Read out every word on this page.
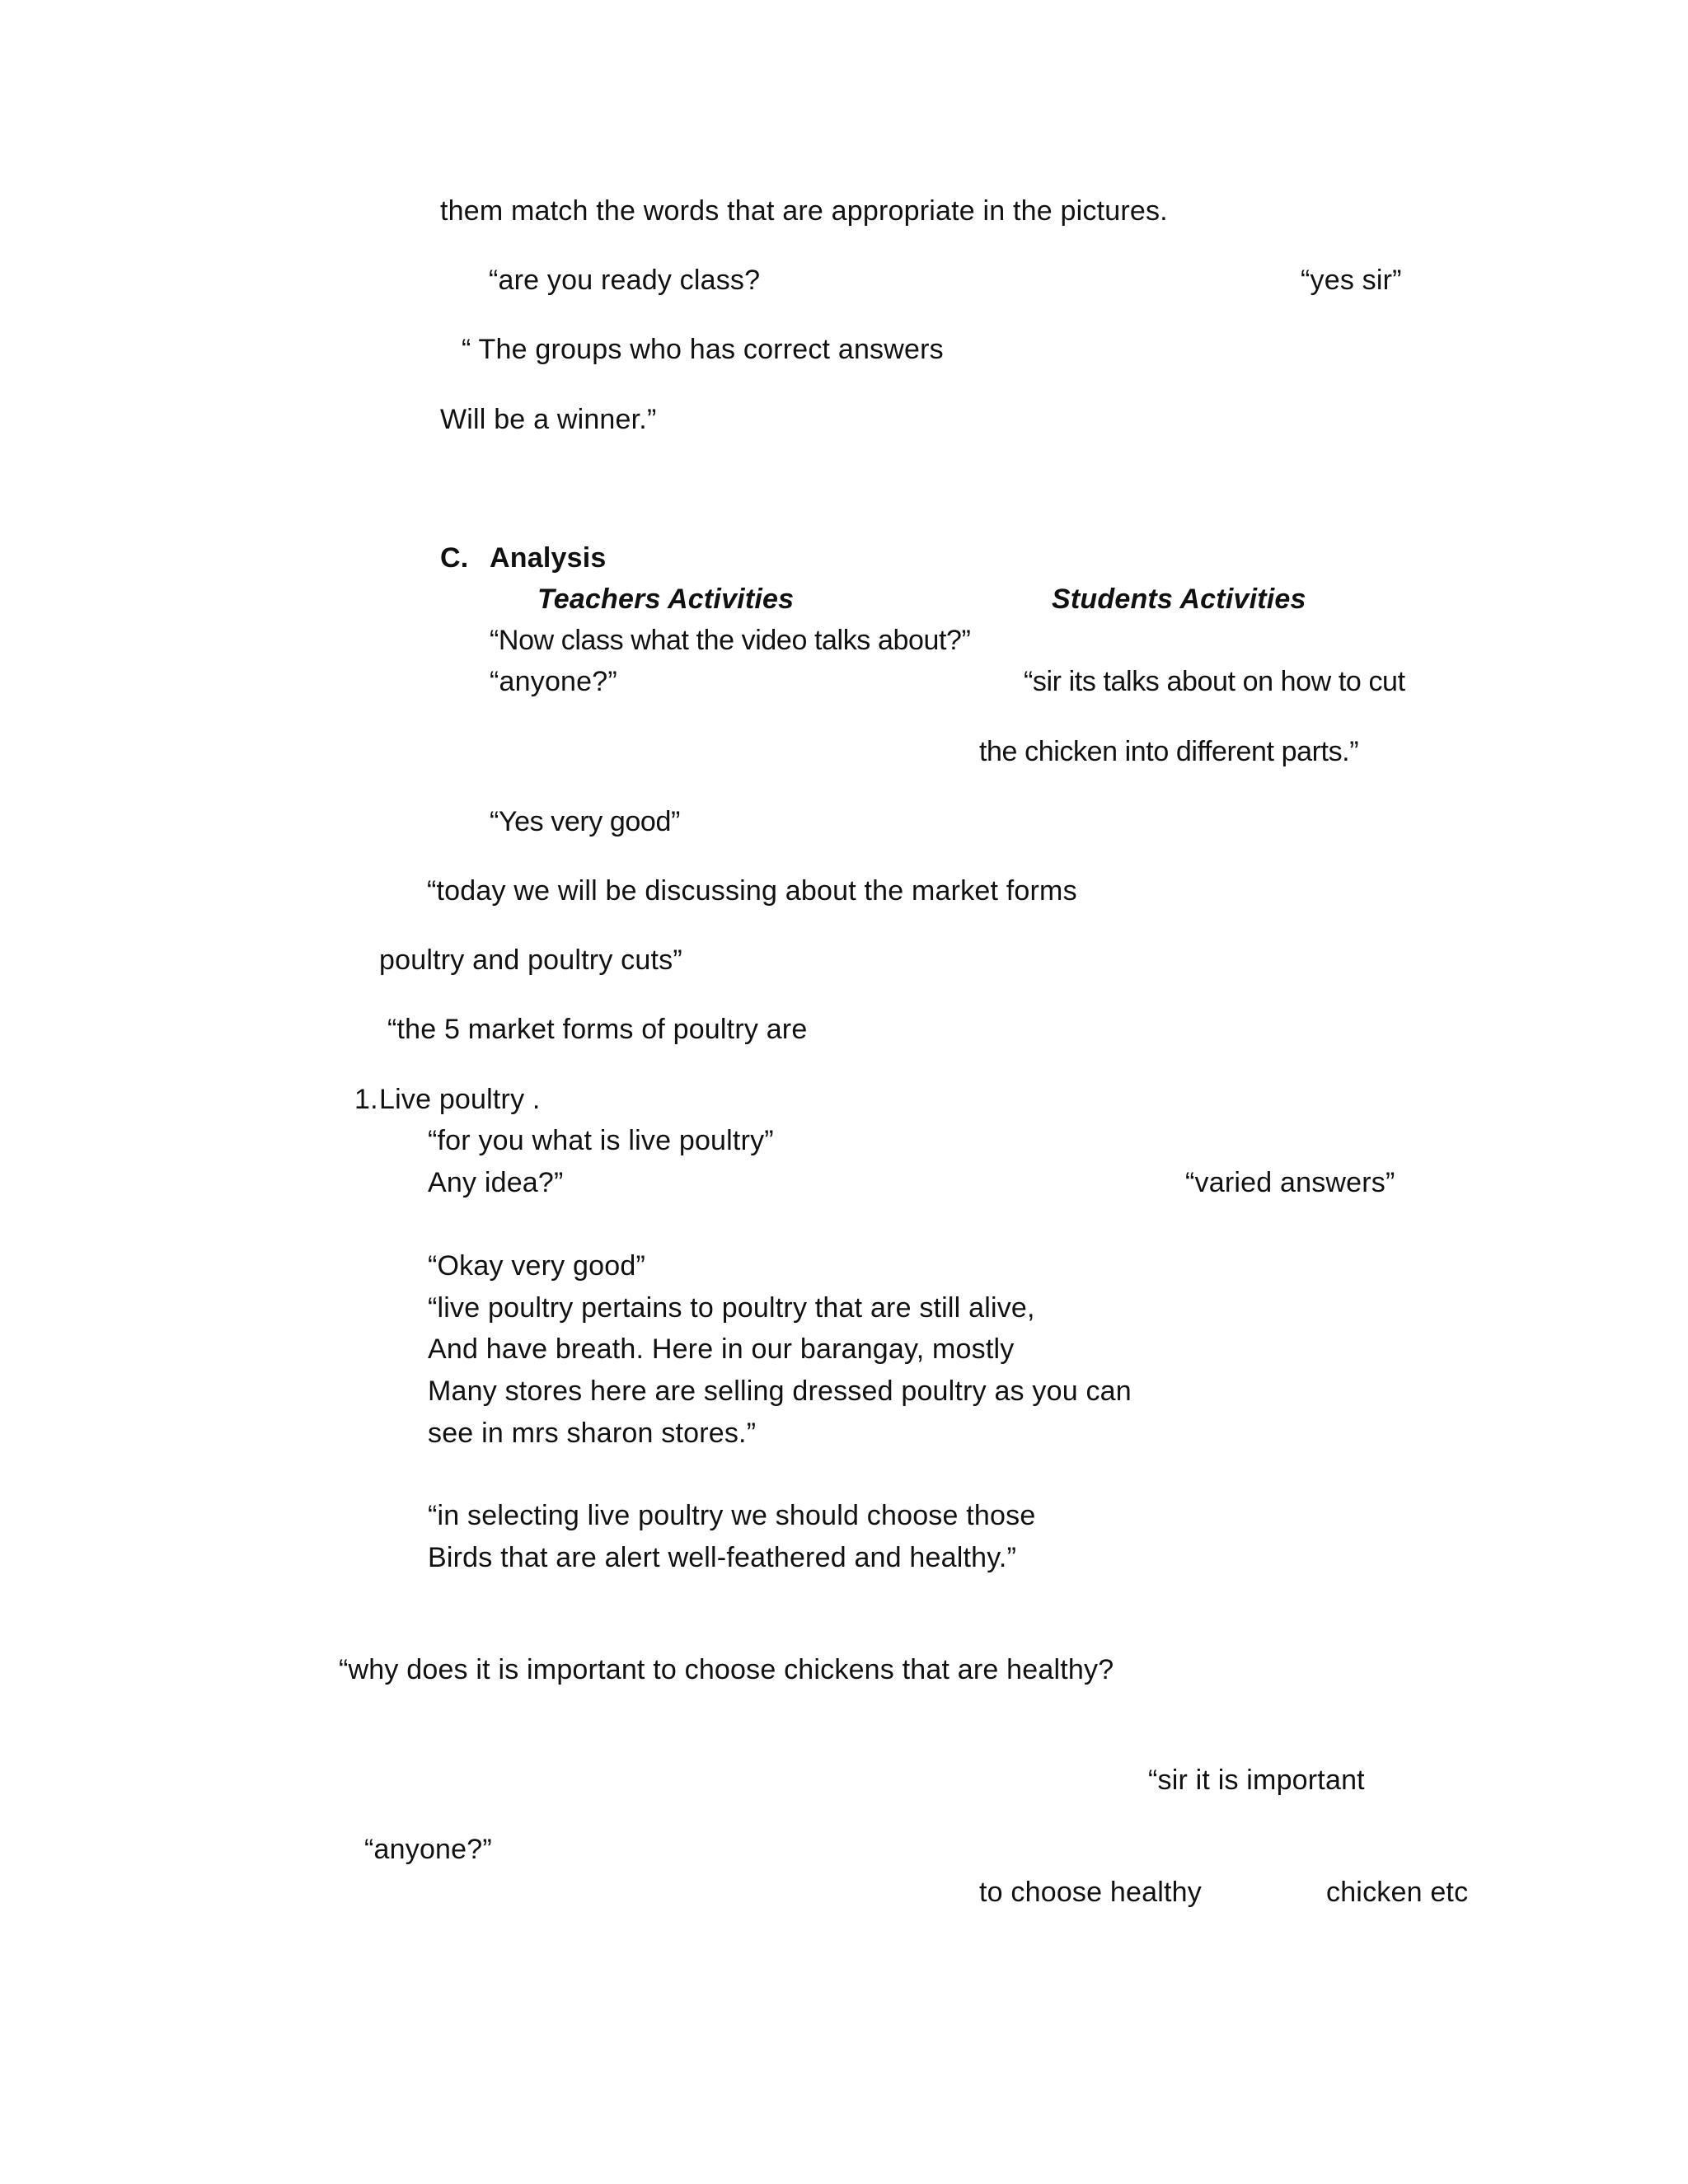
them match the words that are appropriate in the pictures.
“are you ready class?	“yes sir”
“ The groups who has correct answers
Will be a winner.”
C. Analysis
Teachers Activities	Students Activities
“Now class what the video talks about?”
“anyone?”	“sir its talks about on how to cut
the chicken into different parts.”
“Yes very good”
“today we will be discussing about the market forms
poultry and poultry cuts”
“the 5 market forms of poultry are
1. Live poultry .
“for you what is live poultry”
Any idea?”	“varied answers”
“Okay very good”
“live poultry pertains to poultry that are still alive,
And have breath. Here in our barangay, mostly
Many stores here are selling dressed poultry as you can
see in mrs sharon stores.”
“in selecting live poultry we should choose those
Birds that are alert well-feathered and healthy.”
“why does it is important to choose chickens that are healthy?
“sir it is important
“anyone?”
to choose healthy	chicken etc
